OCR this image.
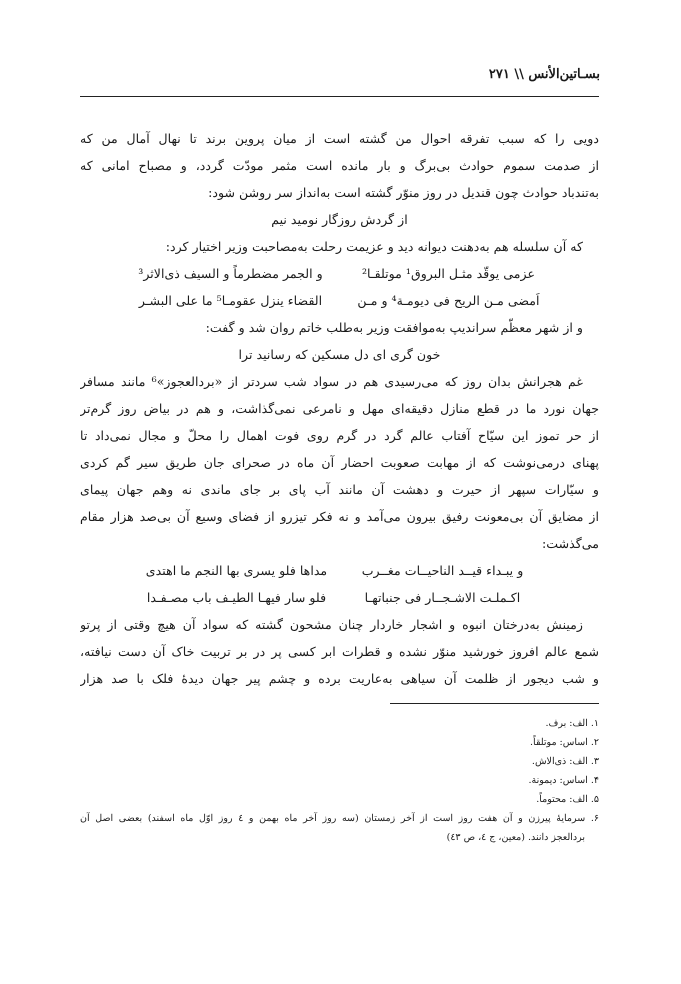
بسـاتین‌الأنس \\ ۲۷۱
دویی را که سبب تفرقه احوال من گشته است از میان پروین برند تا نهال آمال من که
از صدمت سموم حوادث بی‌برگ و بار مانده است مثمر مودّت گردد، و مصباح امانی که
به‌تندباد حوادث چون قندیل در روز منوّر گشته است به‌انداز سر روشن شود:
از گردش روزگار نومید نیم
که آن سلسله هم به‌دهنت دیوانه دید و عزیمت رحلت به‌مصاحبت وزیر اختیار کرد:
عزمی یوقّد مثـل البروق¹ موتلقـا²
و الجمر مضطرماً و السیف ذی‌الاثر³
اَمضی مـن الریح فی دیومـة⁴ و مـن
القضاء ینزل عقومـا⁵ ما علی البشـر
و از شهر معظّم سراندیپ به‌موافقت وزیر به‌طلب خاتم روان شد و گفت:
خون گری ای دل مسکین که رسانید ترا
غم هجرانش بدان روز که می‌رسیدی هم در سواد شب سردتر از «بردالعجوز»⁶ مانند مسافر
جهان نورد ما در قطع منازل دقیقه‌ای مهل و نامرعی نمی‌گذاشت، و هم در بیاض روز گرم‌تر
از حر تموز این سیّاح آفتاب عالم گرد در گرم روی فوت اهمال را محلّ و مجال نمی‌داد تا
پهنای درمی‌نوشت که از مهابت صعوبت احضار آن ماه در صحرای جان طریق سیر گم کردی
و سیّارات سپهر از حیرت و دهشت آن مانند آب پای بر جای ماندی نه وهم جهان پیمای
از مضایق آن بی‌معونت رفیق بیرون می‌آمد و نه فکر تیزرو از فضای وسیع آن بی‌صد هزار مقام
می‌گذشت:
و یبـداء قیــد الناحیــات مغــرب
مداها فلو یسری بها النجم ما اهتدی
اکـملـت الاشـجــار فی جنباتهـا
فلو سار فیهـا الطیـف باب مصـفـدا
زمینش به‌درختان انبوه و اشجار خاردار چنان مشحون گشته که سواد آن هیچ وقتی از پرتو
شمع عالم افروز خورشید منوّر نشده و قطرات ابر کسی پر در بر تربیت خاک آن دست نیافته،
و شب دیجور از ظلمت آن سیاهی به‌عاریت برده و چشم پیر جهان دیدهٔ فلک با صد هزار
۱. الف: برف.
۲. اساس: موتلقاً.
۳. الف: ذی‌الاش.
۴. اساس: دیمونة.
۵. الف: محتوماً.
۶. سرمایهٔ پیرزن و آن هفت روز است از آخر زمستان (سه روز آخر ماه بهمن و ٤ روز اوّل ماه اسفند) بعضی اصل آن
بردالعجز دانند. (معین، ج ٤، ص ٤٣)
